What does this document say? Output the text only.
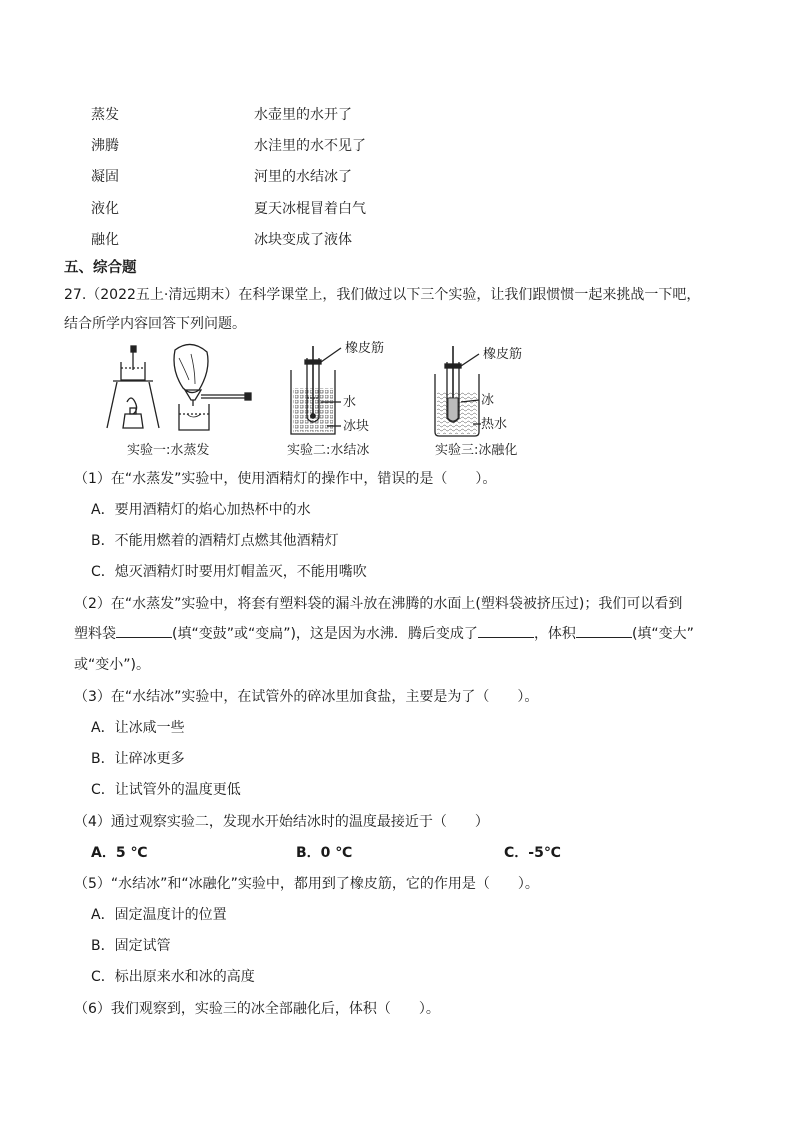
蒸发	水壶里的水开了
沸腾	水洼里的水不见了
凝固	河里的水结冰了
液化	夏天冰棍冒着白气
融化	冰块变成了液体
五、综合题
27.（2022五上·清远期末）在科学课堂上，我们做过以下三个实验，让我们跟惯惯一起来挑战一下吧，
结合所学内容回答下列问题。
实验一:水蒸发
橡皮筋
水
冰块
实验二:水结冰
橡皮筋
冰
热水
实验三:冰融化
（1）在“水蒸发”实验中，使用酒精灯的操作中，错误的是（　　）。
A．要用酒精灯的焰心加热杯中的水
B．不能用燃着的酒精灯点燃其他酒精灯
C．熄灭酒精灯时要用灯帽盖灭，不能用嘴吹
（2）在“水蒸发”实验中，将套有塑料袋的漏斗放在沸腾的水面上(塑料袋被挤压过)；我们可以看到
塑料袋	(填“变鼓”或“变扁”)，这是因为水沸．腾后变成了	，体积	(填“变大”
或“变小”)。
（3）在“水结冰”实验中，在试管外的碎冰里加食盐，主要是为了（　　）。
A．让冰咸一些
B．让碎冰更多
C．让试管外的温度更低
（4）通过观察实验二，发现水开始结冰时的温度最接近于（　　）
A．5 ℃	B．0 ℃	C．-5℃
（5）“水结冰”和“冰融化”实验中，都用到了橡皮筋，它的作用是（　　）。
A．固定温度计的位置
B．固定试管
C．标出原来水和冰的高度
（6）我们观察到，实验三的冰全部融化后，体积（　　）。
